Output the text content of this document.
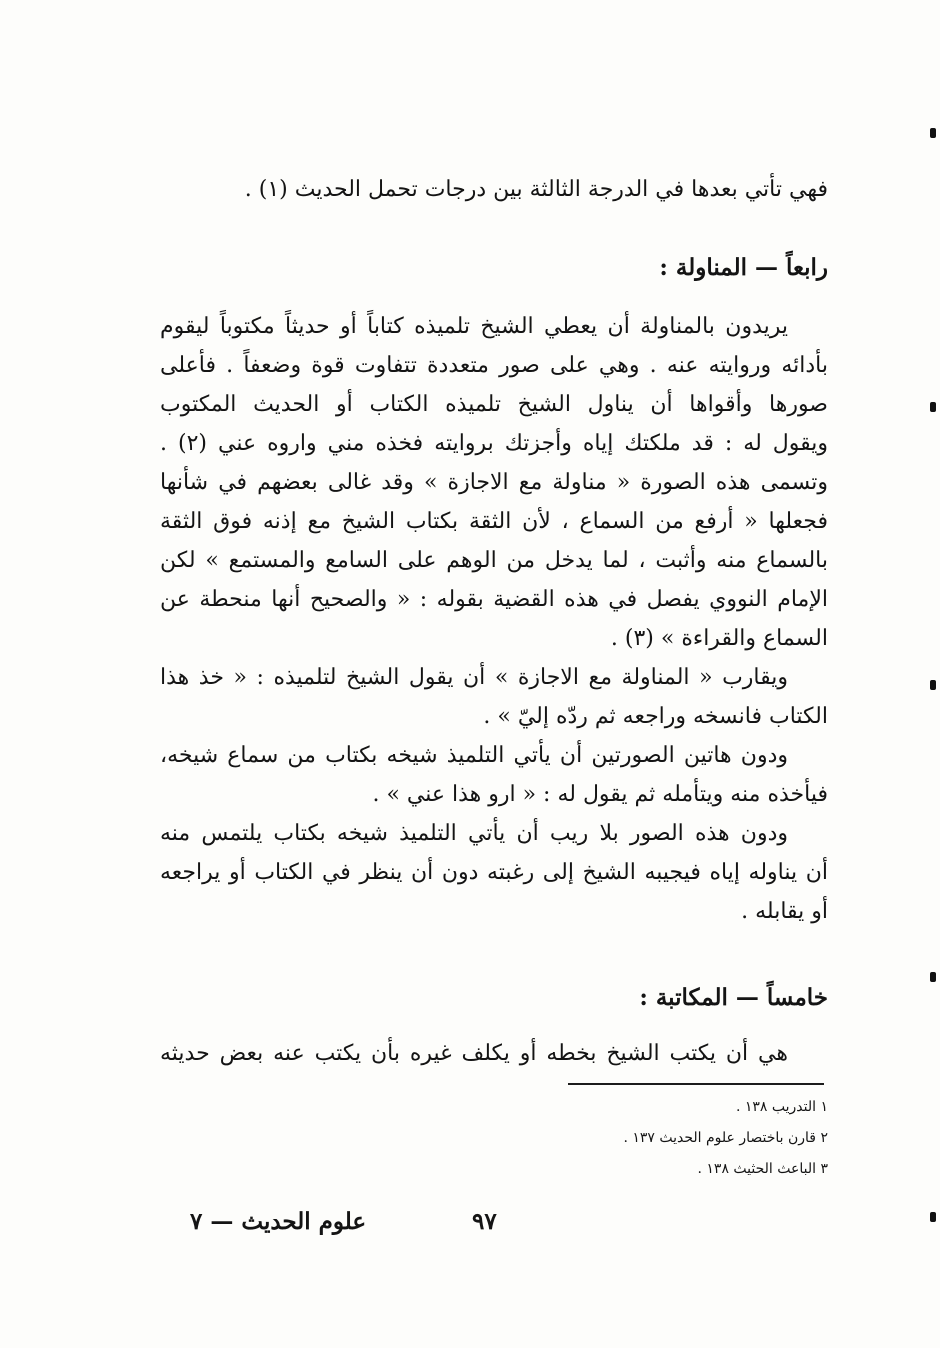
فهي تأتي بعدها في الدرجة الثالثة بين درجات تحمل الحديث (١) .
رابعاً — المناولة :
يريدون بالمناولة أن يعطي الشيخ تلميذه كتاباً أو حديثاً مكتوباً ليقوم
بأدائه وروايته عنه . وهي على صور متعددة تتفاوت قوة وضعفاً . فأعلى
صورها وأقواها أن يناول الشيخ تلميذه الكتاب أو الحديث المكتوب
ويقول له : قد ملكتك إياه وأجزتك بروايته فخذه مني واروه عني (٢) .
وتسمى هذه الصورة « مناولة مع الاجازة » وقد غالى بعضهم في شأنها
فجعلها « أرفع من السماع ، لأن الثقة بكتاب الشيخ مع إذنه فوق الثقة
بالسماع منه وأثبت ، لما يدخل من الوهم على السامع والمستمع » لكن
الإمام النووي يفصل في هذه القضية بقوله : « والصحيح أنها منحطة عن
السماع والقراءة » (٣) .
ويقارب « المناولة مع الاجازة » أن يقول الشيخ لتلميذه : « خذ هذا
الكتاب فانسخه وراجعه ثم ردّه إليّ » .
ودون هاتين الصورتين أن يأتي التلميذ شيخه بكتاب من سماع شيخه،
فيأخذه منه ويتأمله ثم يقول له : « ارو هذا عني » .
ودون هذه الصور بلا ريب أن يأتي التلميذ شيخه بكتاب يلتمس منه
أن يناوله إياه فيجيبه الشيخ إلى رغبته دون أن ينظر في الكتاب أو يراجعه
أو يقابله .
خامساً — المكاتبة :
هي أن يكتب الشيخ بخطه أو يكلف غيره بأن يكتب عنه بعض حديثه
١ التدريب ١٣٨ .
٢ قارن باختصار علوم الحديث ١٣٧ .
٣ الباعث الحثيث ١٣٨ .
علوم الحديث — ٧	٩٧
